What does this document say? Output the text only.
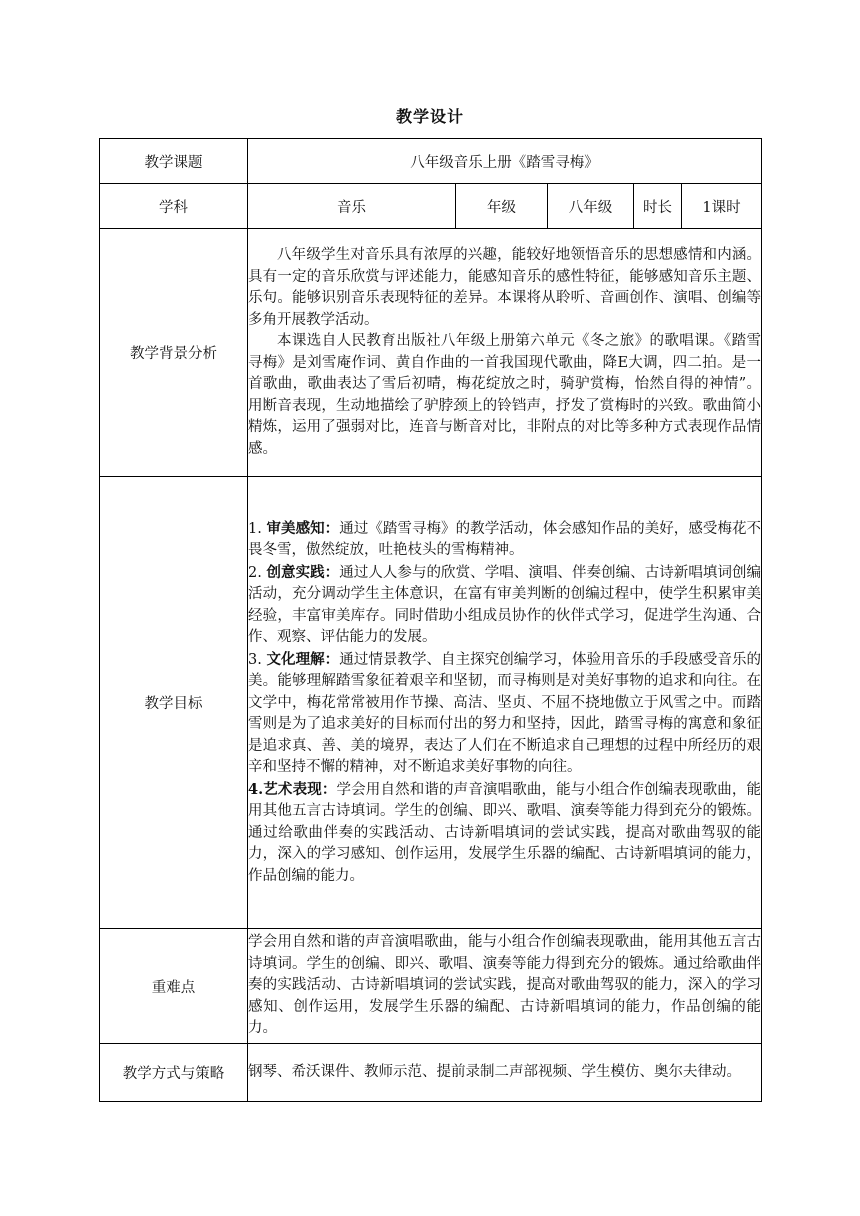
教学设计
教学课题	八年级音乐上册《踏雪寻梅》				
学科	音乐	年级	八年级	时长	1课时
教学背景分析	八年级学生对音乐具有浓厚的兴趣，能较好地领悟音乐的思想感情和内涵。具有一定的音乐欣赏与评述能力，能感知音乐的感性特征，能够感知音乐主题、乐句。能够识别音乐表现特征的差异。本课将从聆听、音画创作、演唱、创编等多角开展教学活动。

本课选自人民教育出版社八年级上册第六单元《冬之旅》的歌唱课。《踏雪寻梅》是刘雪庵作词、黄自作曲的一首我国现代歌曲，降E大调，四二拍。是一首歌曲，歌曲表达了雪后初晴，梅花绽放之时，骑驴赏梅，怡然自得的神情”。用断音表现，生动地描绘了驴脖颈上的铃铛声，抒发了赏梅时的兴致。歌曲简小精炼，运用了强弱对比，连音与断音对比，非附点的对比等多种方式表现作品情感。				

教学目标	1. 审美感知：通过《踏雪寻梅》的教学活动，体会感知作品的美好，感受梅花不畏冬雪，傲然绽放，吐艳枝头的雪梅精神。

2. 创意实践：通过人人参与的欣赏、学唱、演唱、伴奏创编、古诗新唱填词创编活动，充分调动学生主体意识，在富有审美判断的创编过程中，使学生积累审美经验，丰富审美库存。同时借助小组成员协作的伙伴式学习，促进学生沟通、合作、观察、评估能力的发展。

3. 文化理解：通过情景教学、自主探究创编学习，体验用音乐的手段感受音乐的美。能够理解踏雪象征着艰辛和坚韧，而寻梅则是对美好事物的追求和向往。在文学中，梅花常常被用作节操、高洁、坚贞、不屈不挠地傲立于风雪之中。而踏雪则是为了追求美好的目标而付出的努力和坚持，因此，踏雪寻梅的寓意和象征是追求真、善、美的境界，表达了人们在不断追求自己理想的过程中所经历的艰辛和坚持不懈的精神，对不断追求美好事物的向往。

4.艺术表现：学会用自然和谐的声音演唱歌曲，能与小组合作创编表现歌曲，能用其他五言古诗填词。学生的创编、即兴、歌唱、演奏等能力得到充分的锻炼。通过给歌曲伴奏的实践活动、古诗新唱填词的尝试实践，提高对歌曲驾驭的能力，深入的学习感知、创作运用，发展学生乐器的编配、古诗新唱填词的能力，作品创编的能力。				

重难点	学会用自然和谐的声音演唱歌曲，能与小组合作创编表现歌曲，能用其他五言古诗填词。学生的创编、即兴、歌唱、演奏等能力得到充分的锻炼。通过给歌曲伴奏的实践活动、古诗新唱填词的尝试实践，提高对歌曲驾驭的能力，深入的学习感知、创作运用，发展学生乐器的编配、古诗新唱填词的能力，作品创编的能力。				
教学方式与策略	钢琴、希沃课件、教师示范、提前录制二声部视频、学生模仿、奥尔夫律动。				
